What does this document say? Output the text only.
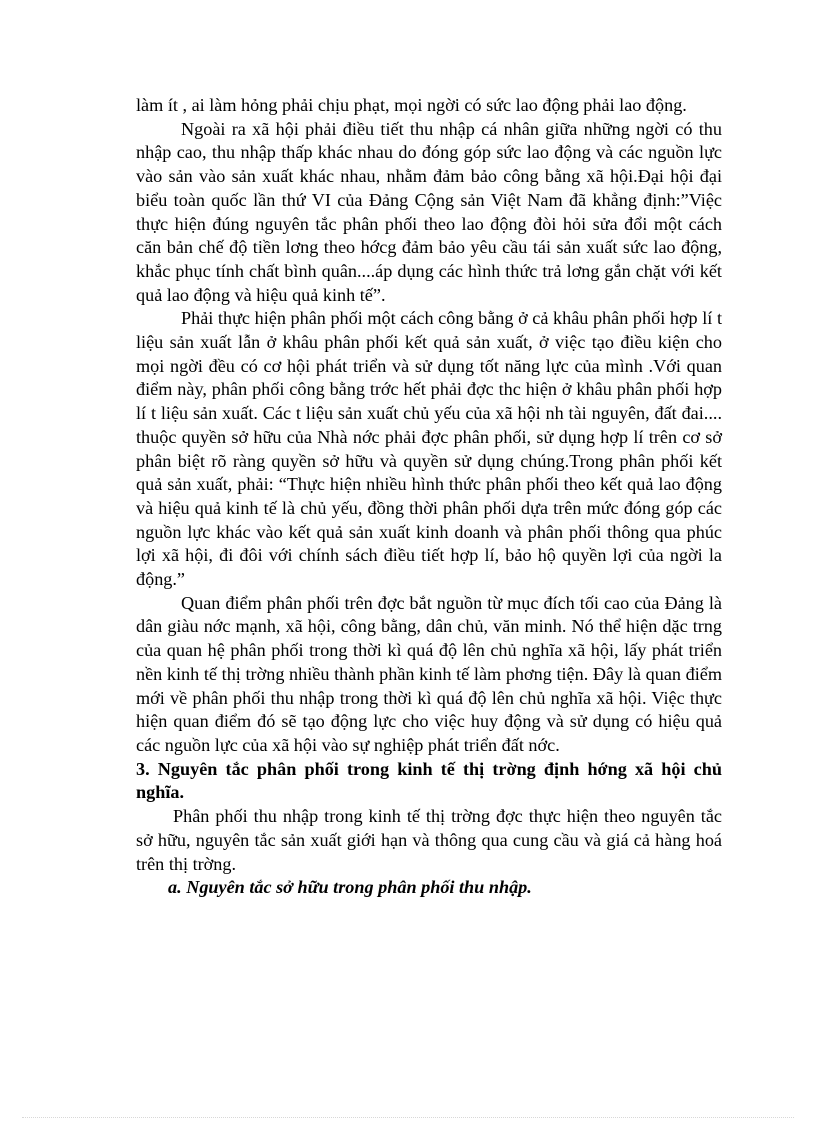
làm ít , ai làm hỏng phải chịu phạt, mọi ngời có sức lao động phải lao động.

Ngoài ra xã hội phải điều tiết thu nhập cá nhân giữa những ngời có thu nhập cao, thu nhập thấp khác nhau do đóng góp sức lao động và các nguồn lực vào sản vào sản xuất khác nhau, nhằm đảm bảo công bằng xã hội.Đại hội đại biểu toàn quốc lần thứ VI của Đảng Cộng sản Việt Nam đã khẳng định:”Việc thực hiện đúng nguyên tắc phân phối theo lao động đòi hỏi sửa đổi một cách căn bản chế độ tiền lơng theo hớcg đảm bảo yêu cầu tái sản xuất sức lao động, khắc phục tính chất bình quân....áp dụng các hình thức trả lơng gắn chặt với kết quả lao động và hiệu quả kinh tế”.

Phải thực hiện phân phối một cách công bằng ở cả khâu phân phối hợp lí t liệu sản xuất lẫn ở khâu phân phối kết quả sản xuất, ở việc tạo điều kiện cho mọi ngời đều có cơ hội phát triển và sử dụng tốt năng lực của mình .Với quan điểm này, phân phối công bằng trớc hết phải đợc thc hiện ở khâu phân phối hợp lí t liệu sản xuất. Các t liệu sản xuất chủ yếu của xã hội nh tài nguyên, đất đai.... thuộc quyền sở hữu của Nhà nớc phải đợc phân phối, sử dụng hợp lí trên cơ sở phân biệt rõ ràng quyền sở hữu và quyền sử dụng chúng.Trong phân phối kết quả sản xuất, phải: “Thực hiện nhiều hình thức phân phối theo kết quả lao động và hiệu quả kinh tế là chủ yếu, đồng thời phân phối dựa trên mức đóng góp các nguồn lực khác vào kết quả sản xuất kinh doanh và phân phối thông qua phúc lợi xã hội, đi đôi với chính sách điều tiết hợp lí, bảo hộ quyền lợi của ngời la động.”

Quan điểm phân phối trên đợc bắt nguồn từ mục đích tối cao của Đảng là dân giàu nớc mạnh, xã hội, công bằng, dân chủ, văn minh. Nó thể hiện dặc trng của quan hệ phân phối trong thời kì quá độ lên chủ nghĩa xã hội, lấy phát triển nền kinh tế thị trờng nhiều thành phần kinh tế làm phơng tiện. Đây là quan điểm mới về phân phối thu nhập trong thời kì quá độ lên chủ nghĩa xã hội. Việc thực hiện quan điểm đó sẽ tạo động lực cho việc huy động và sử dụng có hiệu quả các nguồn lực của xã hội vào sự nghiệp phát triển đất nớc.

3. Nguyên tắc phân phối trong kinh tế thị trờng định hớng xã hội chủ nghĩa.

Phân phối thu nhập trong kinh tế thị trờng đợc thực hiện theo nguyên tắc sở hữu, nguyên tắc sản xuất giới hạn và thông qua cung cầu và giá cả hàng hoá trên thị trờng.

a. Nguyên tắc sở hữu trong phân phối thu nhập.
